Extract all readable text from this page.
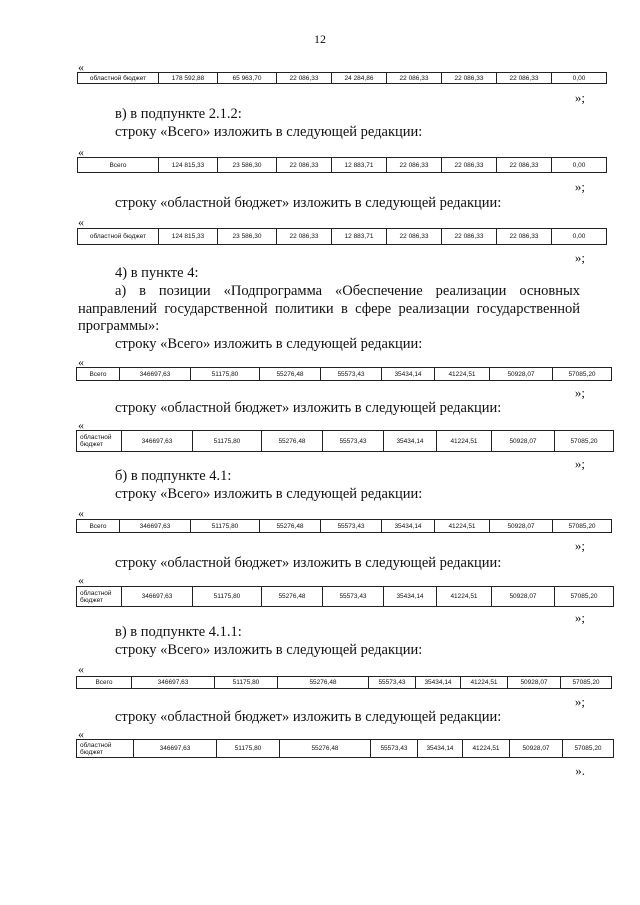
12
«
областной бюджет	178 592,88	65 963,70	22 086,33	24 284,86	22 086,33	22 086,33	22 086,33	0,00
»;
в) в подпункте 2.1.2:
строку «Всего» изложить в следующей редакции:
«
Всего	124 815,33	23 586,30	22 086,33	12 883,71	22 086,33	22 086,33	22 086,33	0,00
»;
строку «областной бюджет» изложить в следующей редакции:
«
областной бюджет	124 815,33	23 586,30	22 086,33	12 883,71	22 086,33	22 086,33	22 086,33	0,00
»;
4) в пункте 4:
а) в позиции «Подпрограмма «Обеспечение реализации основных
направлений государственной политики в сфере реализации государственной
программы»:
строку «Всего» изложить в следующей редакции:
«
Всего	346697,63	51175,80	55276,48	55573,43	35434,14	41224,51	50928,07	57085,20
»;
строку «областной бюджет» изложить в следующей редакции:
«
областной бюджет	346697,63	51175,80	55276,48	55573,43	35434,14	41224,51	50928,07	57085,20
»;
б) в подпункте 4.1:
строку «Всего» изложить в следующей редакции:
«
Всего	346697,63	51175,80	55276,48	55573,43	35434,14	41224,51	50928,07	57085,20
»;
строку «областной бюджет» изложить в следующей редакции:
«
областной бюджет	346697,63	51175,80	55276,48	55573,43	35434,14	41224,51	50928,07	57085,20
»;
в) в подпункте 4.1.1:
строку «Всего» изложить в следующей редакции:
«
Всего	346697,63	51175,80	55276,48	55573,43	35434,14	41224,51	50928,07	57085,20
»;
строку «областной бюджет» изложить в следующей редакции:
«
областной бюджет	346697,63	51175,80	55276,48	55573,43	35434,14	41224,51	50928,07	57085,20
».
